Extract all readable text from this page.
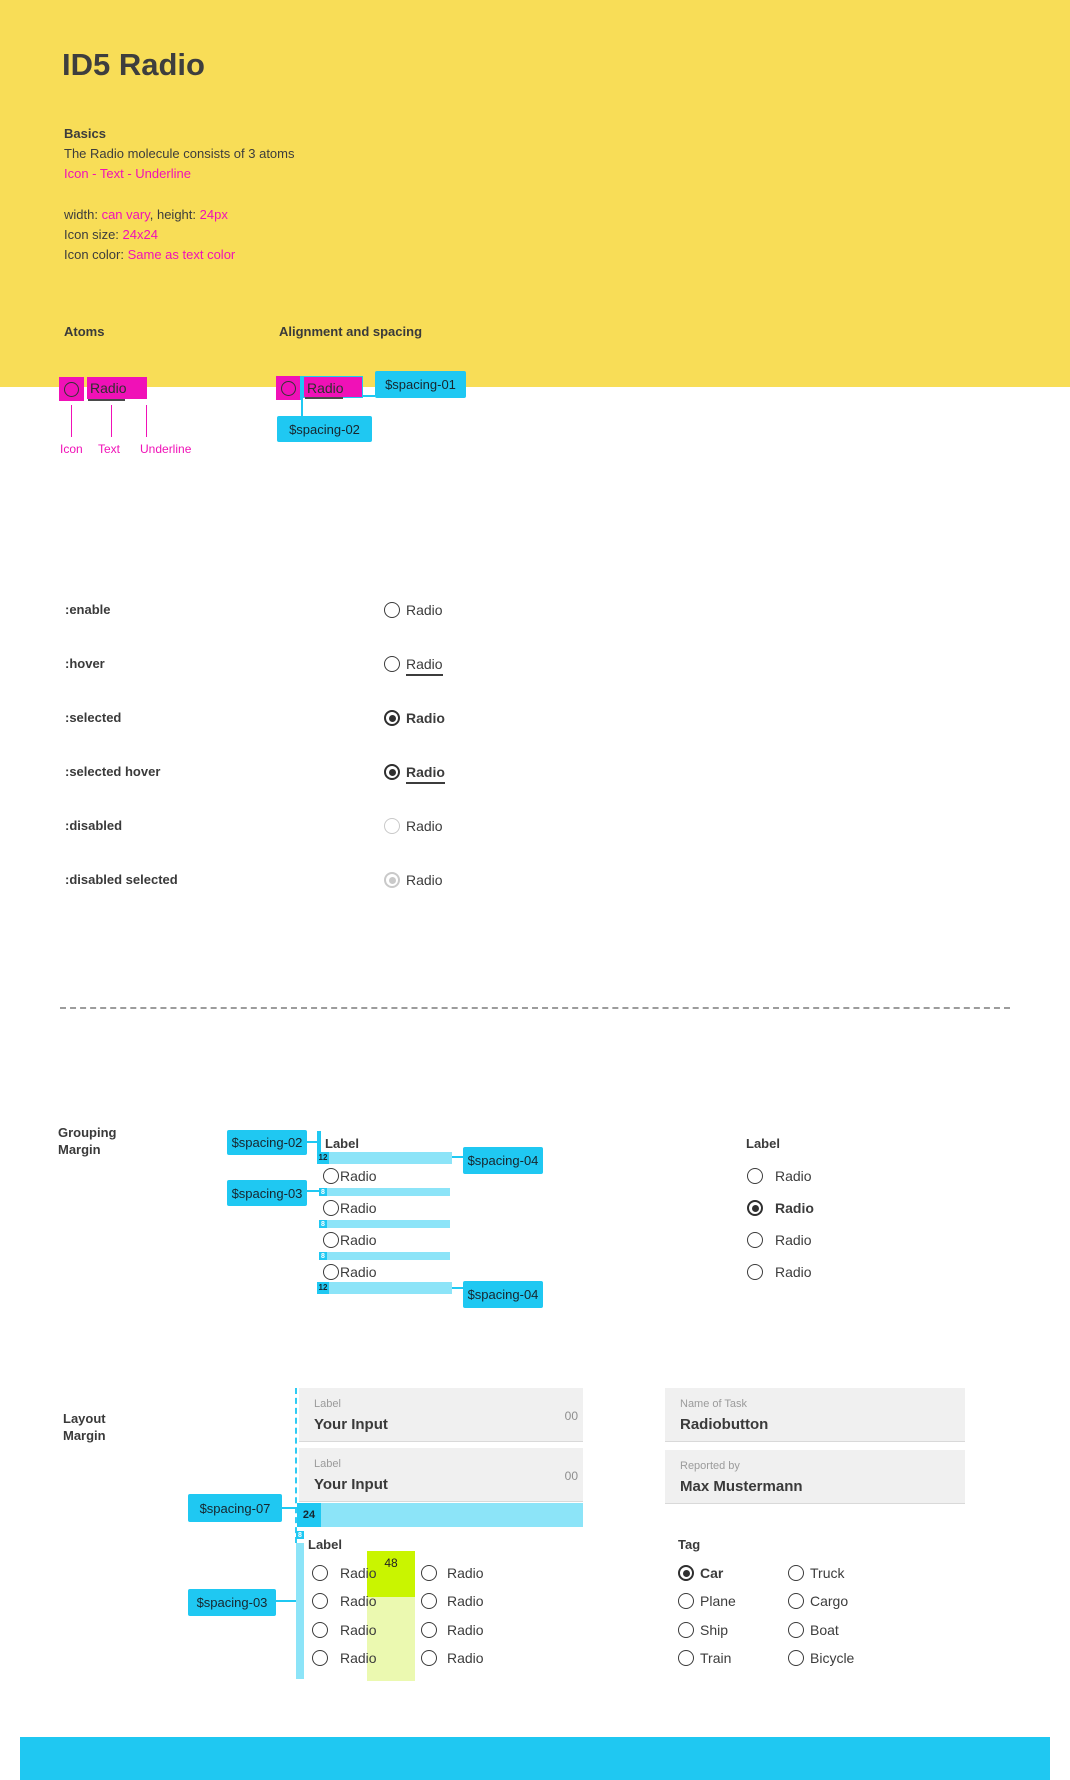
ID5 Radio
Basics
The Radio molecule consists of 3 atoms
Icon - Text - Underline
width: can vary, height: 24px
Icon size: 24x24
Icon color: Same as text color
Atoms	Alignment and spacing
Radio
Icon Text Underline
Radio	$spacing-01
$spacing-02
:enable	Radio
:hover	Radio
:selected	Radio
:selected hover	Radio
:disabled	Radio
:disabled selected	Radio
Grouping
Margin	$spacing-02	Label
12	$spacing-04
Radio
8
$spacing-03
Radio
8
Radio
8
Radio
12	$spacing-04
Label
Radio
Radio
Radio
Radio
Layout
Margin
Label
Your Input	00
Label
Your Input	00
$spacing-07	24
8
Label
$spacing-03
48
Radio	Radio
Radio	Radio
Radio	Radio
Radio	Radio
Name of Task
Radiobutton
Reported by
Max Mustermann
Tag
Car	Truck
Plane	Cargo
Ship	Boat
Train	Bicycle
